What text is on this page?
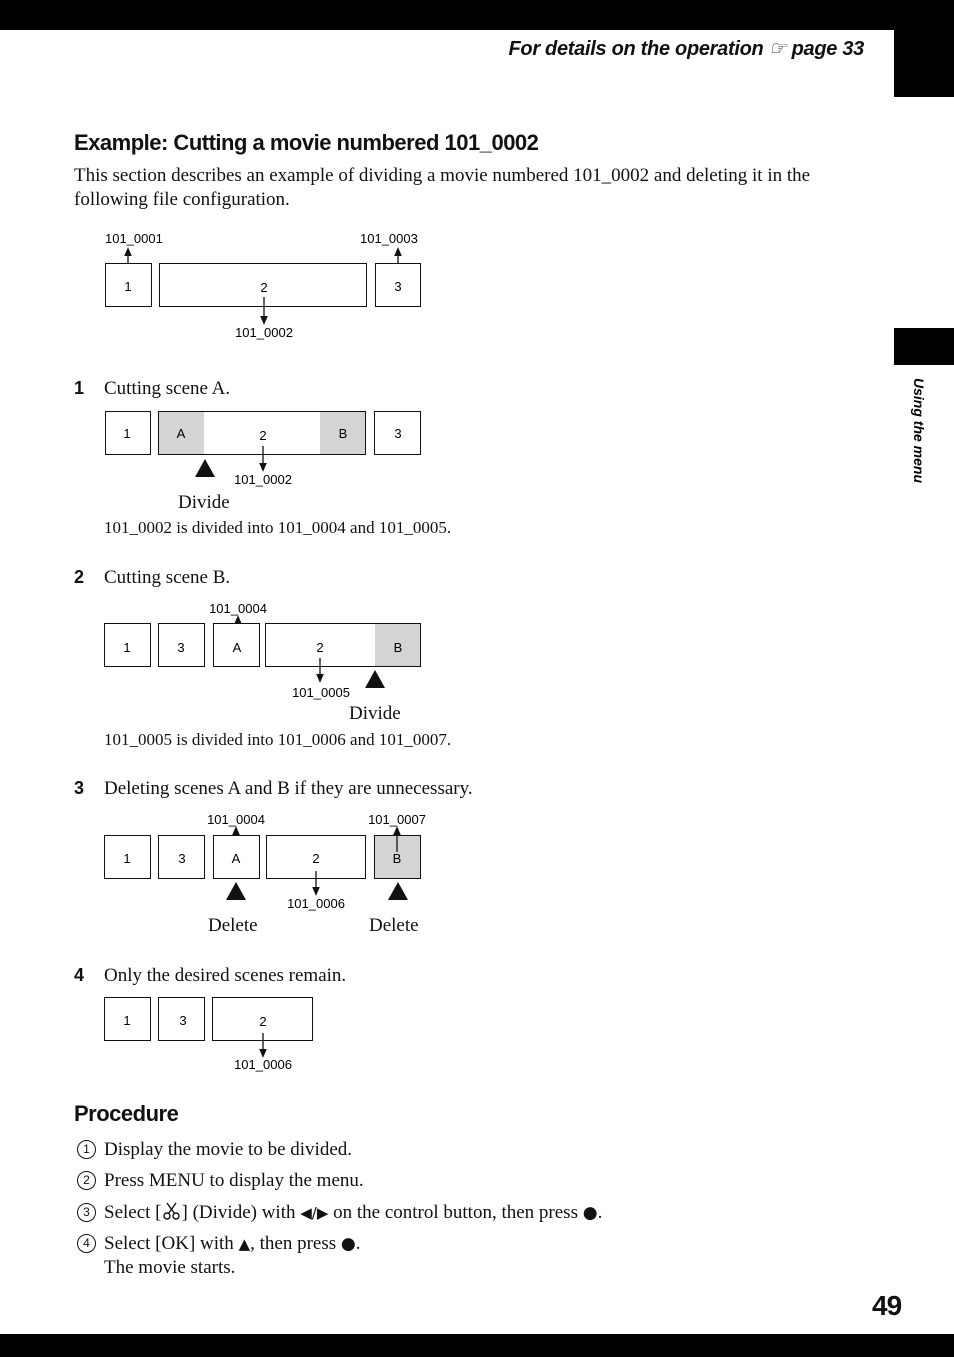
Using the menu
For details on the operation ☞ page 33
Example: Cutting a movie numbered 101_0002
This section describes an example of dividing a movie numbered 101_0002 and deleting it in the following file configuration.
101_0001	101_0003
1	2	3
101_0002
1 Cutting scene A.
1	A	2	B	3
101_0002
Divide
101_0002 is divided into 101_0004 and 101_0005.
2 Cutting scene B.
101_0004
1	3	A	2	B
101_0005
Divide
101_0005 is divided into 101_0006 and 101_0007.
3 Deleting scenes A and B if they are unnecessary.
101_0004	101_0007
1	3	A	2	B
101_0006
Delete	Delete
4 Only the desired scenes remain.
1	3	2
101_0006
Procedure
1 Display the movie to be divided.
2 Press MENU to display the menu.
3 Select [ ] (Divide) with ◀/▶ on the control button, then press ●.
4 Select [OK] with ▲, then press ●.
The movie starts.
49
